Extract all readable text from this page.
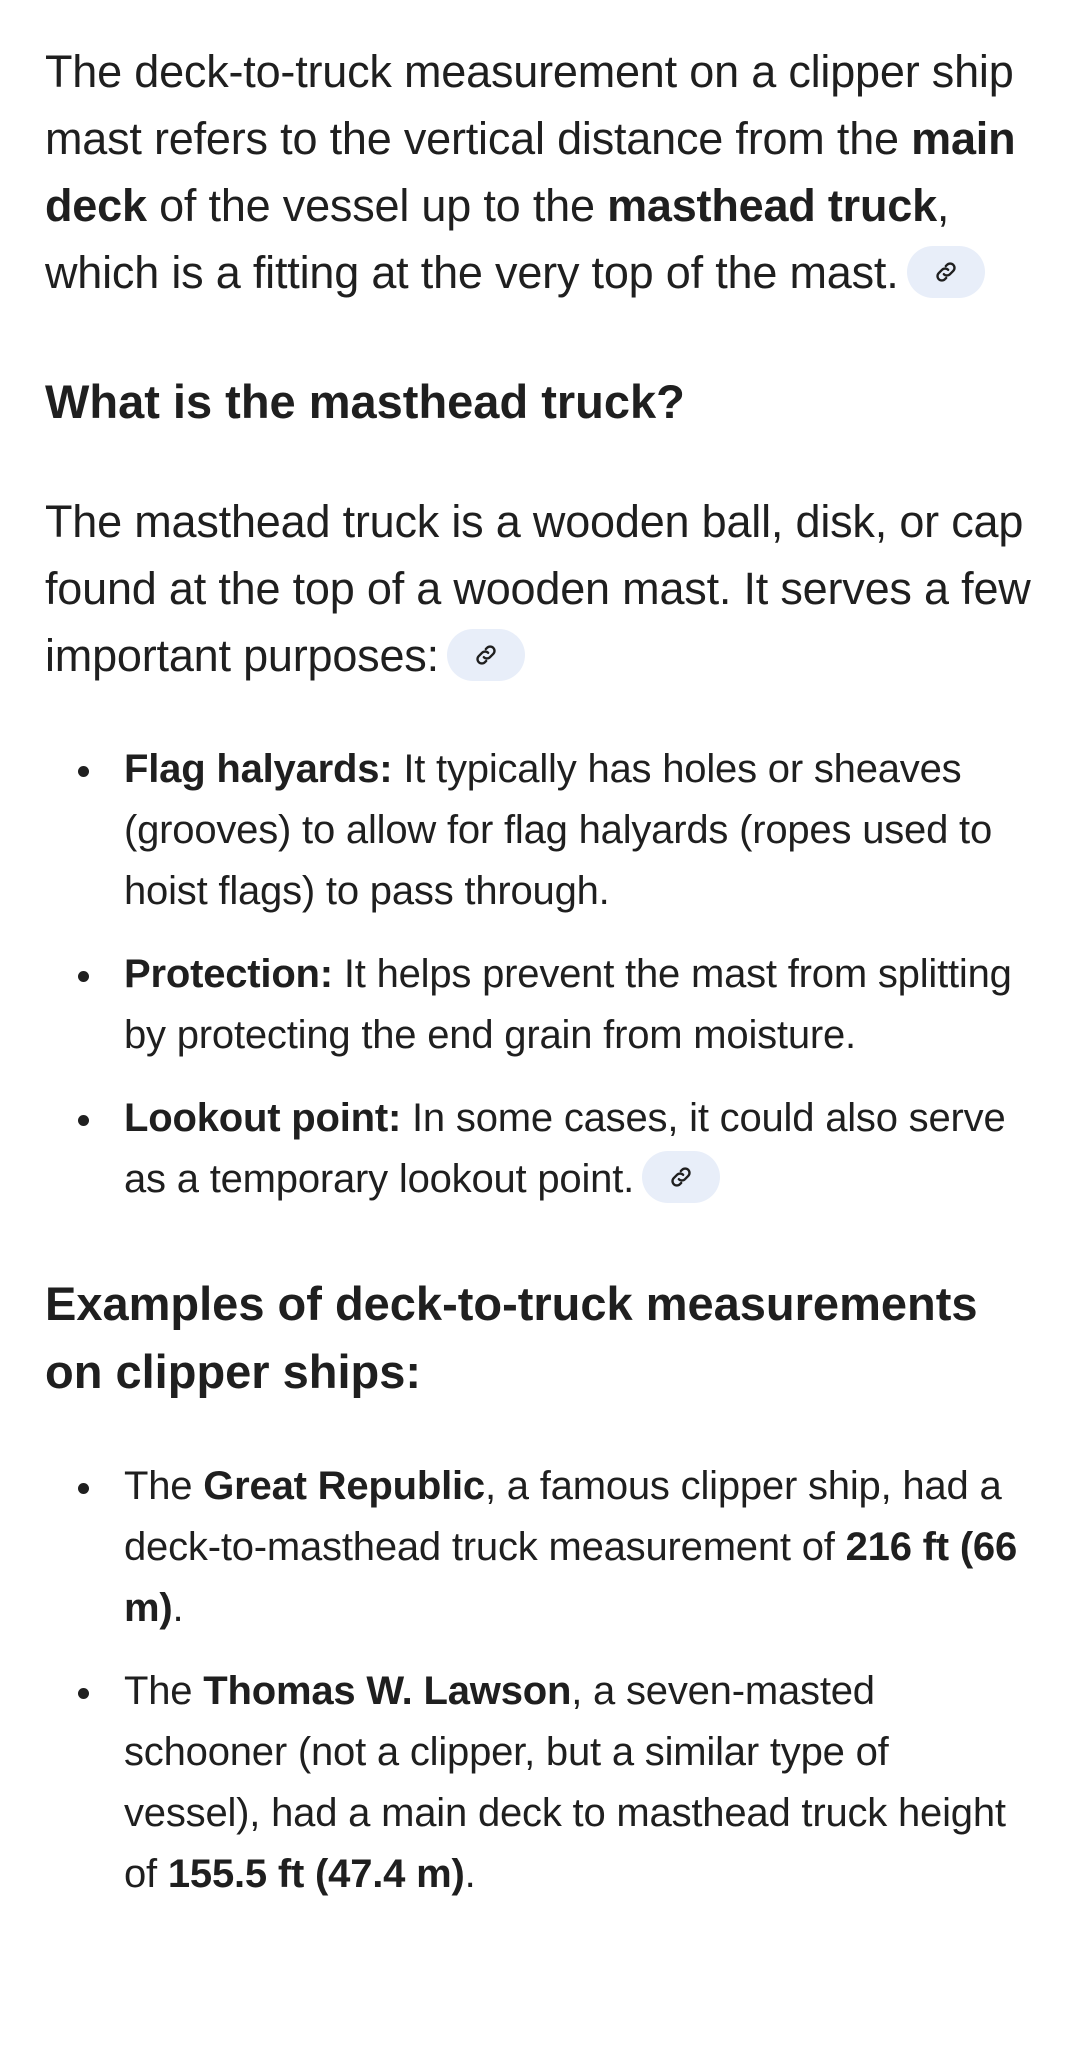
The deck-to-truck measurement on a clipper ship mast refers to the vertical distance from the main deck of the vessel up to the masthead truck, which is a fitting at the very top of the mast.

What is the masthead truck?

The masthead truck is a wooden ball, disk, or cap found at the top of a wooden mast. It serves a few important purposes:

Flag halyards: It typically has holes or sheaves (grooves) to allow for flag halyards (ropes used to hoist flags) to pass through.
Protection: It helps prevent the mast from splitting by protecting the end grain from moisture.
Lookout point: In some cases, it could also serve as a temporary lookout point.
Examples of deck-to-truck measurements on clipper ships:
The Great Republic, a famous clipper ship, had a deck-to-masthead truck measurement of 216 ft (66 m).
The Thomas W. Lawson, a seven-masted schooner (not a clipper, but a similar type of vessel), had a main deck to masthead truck height of 155.5 ft (47.4 m).
